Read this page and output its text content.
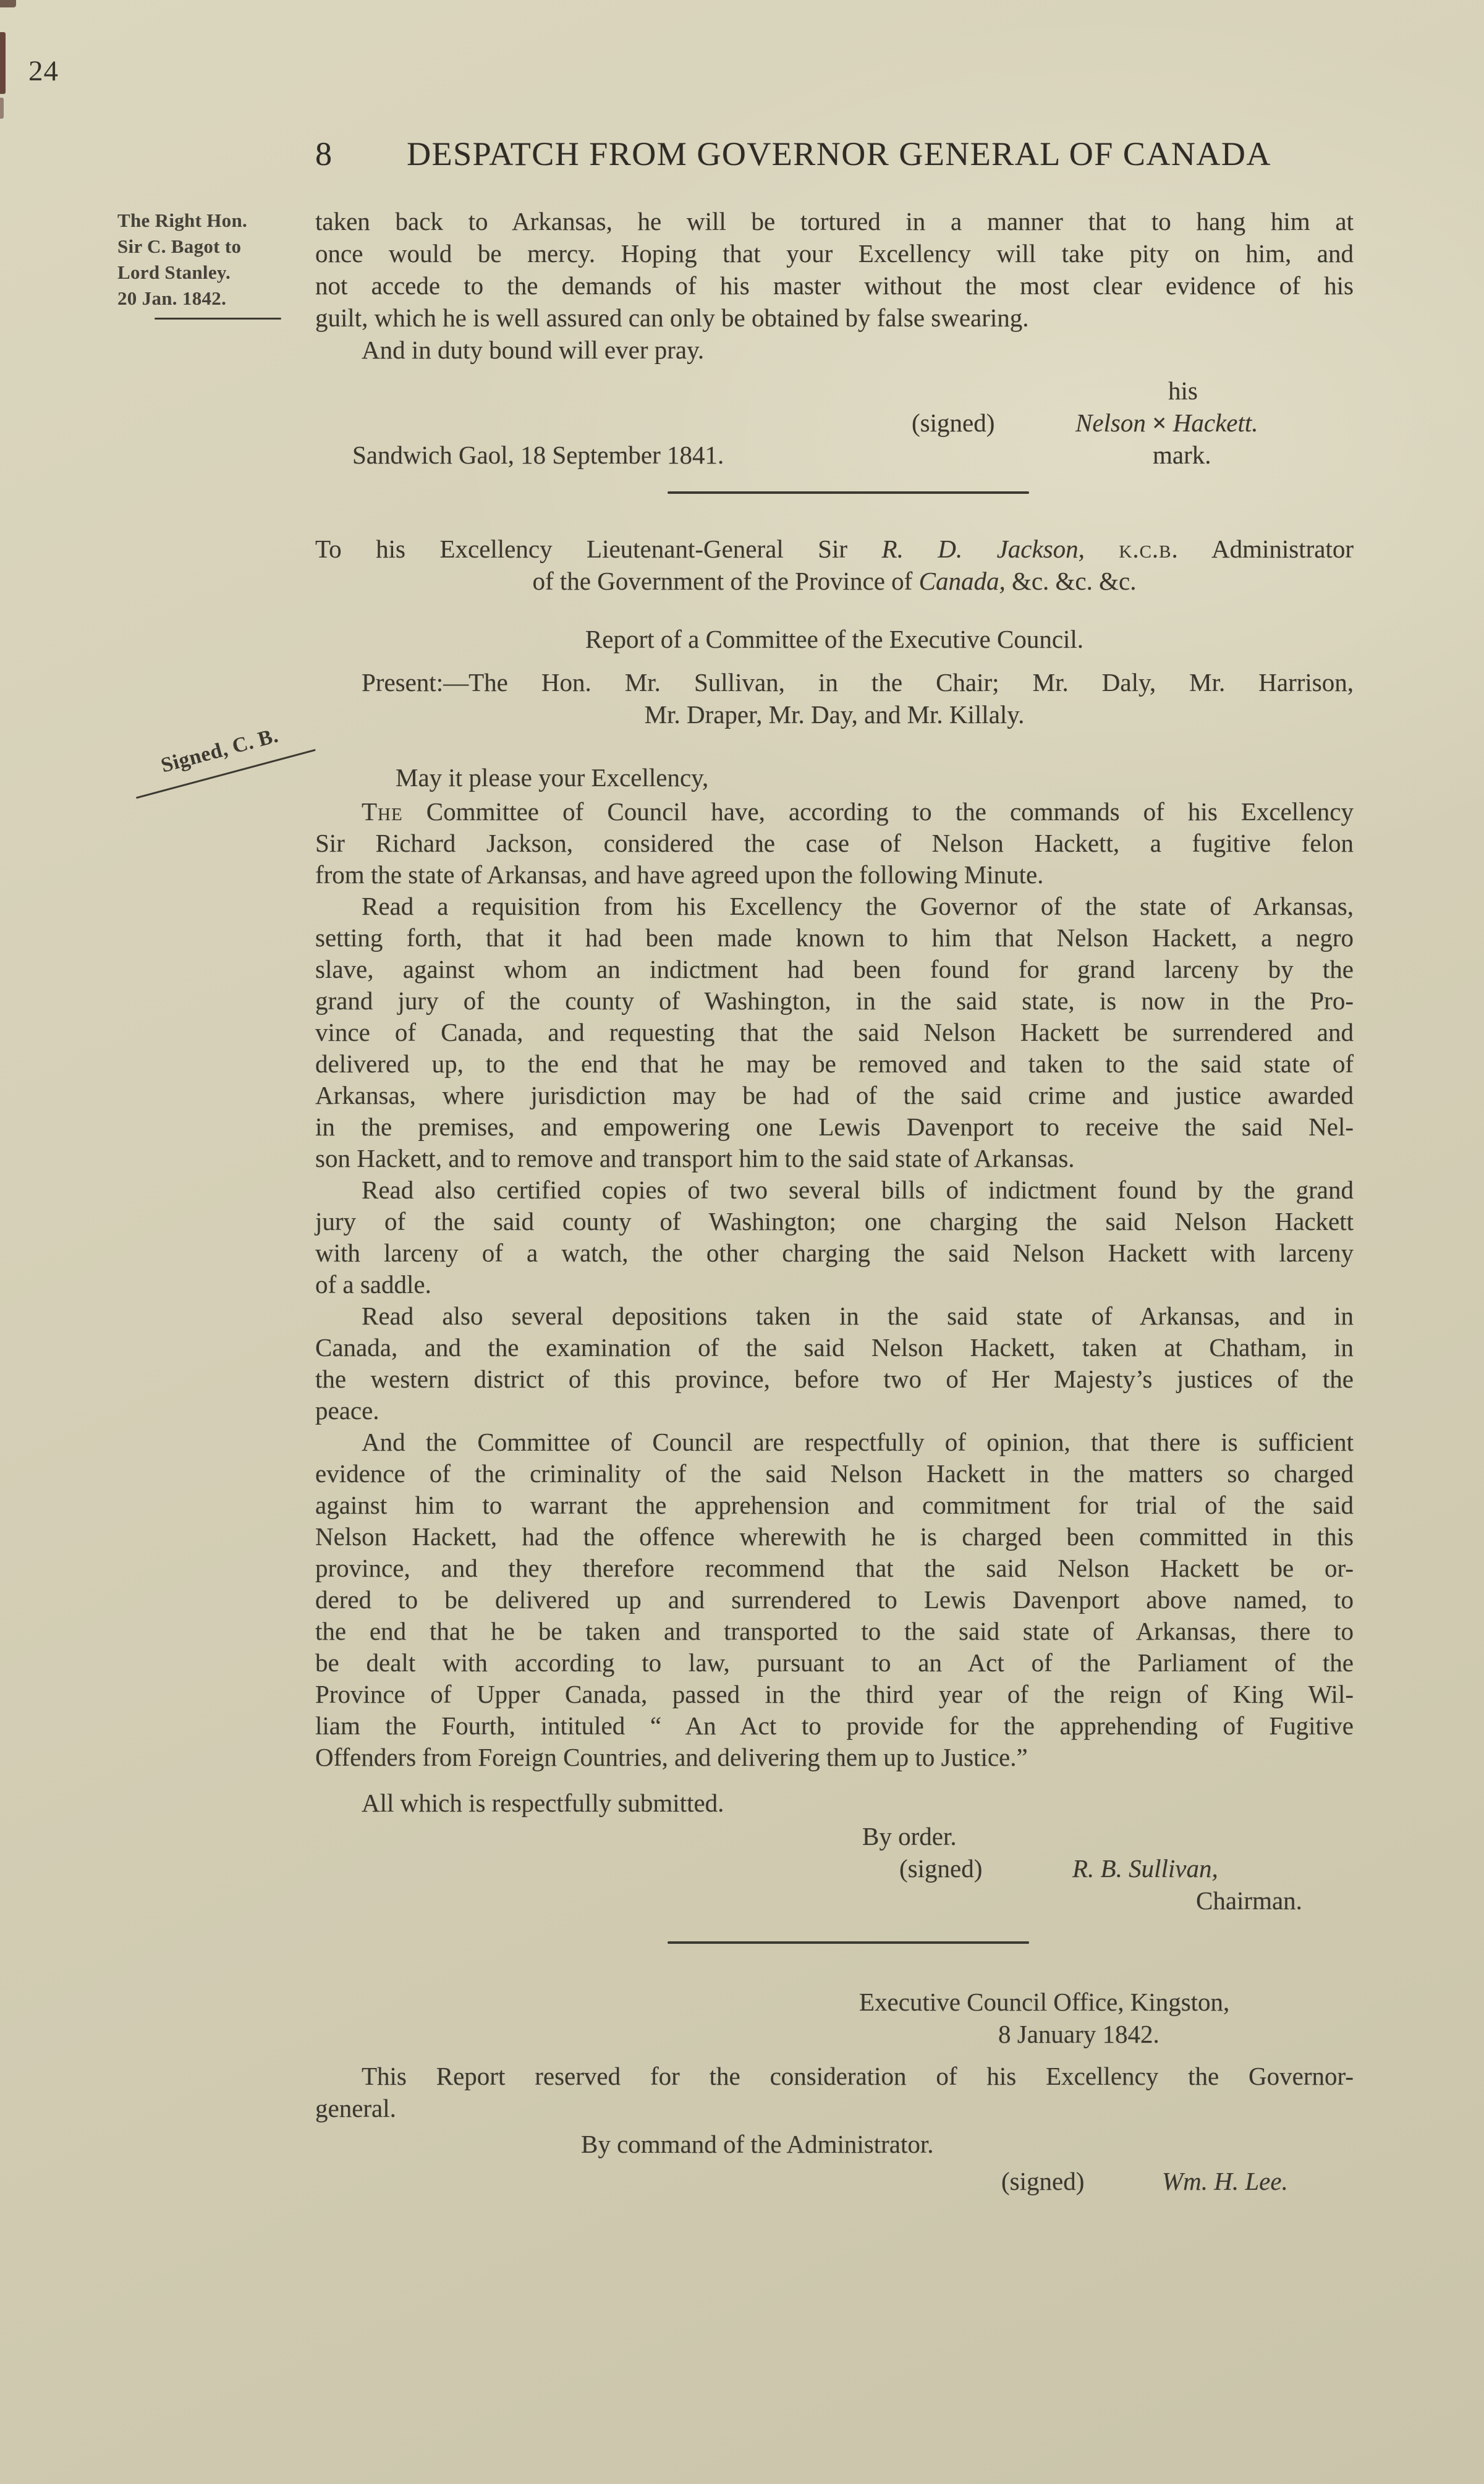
24
8	DESPATCH FROM GOVERNOR GENERAL OF CANADA
The Right Hon.
Sir C. Bagot to
Lord Stanley.
20 Jan. 1842.
Signed, C. B.
taken back to Arkansas, he will be tortured in a manner that to hang him at
once would be mercy. Hoping that your Excellency will take pity on him, and
not accede to the demands of his master without the most clear evidence of his
guilt, which he is well assured can only be obtained by false swearing.
And in duty bound will ever pray.
his
(signed)	Nelson × Hackett.
Sandwich Gaol, 18 September 1841.	mark.
To his Excellency Lieutenant-General Sir R. D. Jackson, k.c.b. Administrator
of the Government of the Province of Canada, &c. &c. &c.
Report of a Committee of the Executive Council.
Present:—The Hon. Mr. Sullivan, in the Chair; Mr. Daly, Mr. Harrison,
Mr. Draper, Mr. Day, and Mr. Killaly.
May it please your Excellency,
The Committee of Council have, according to the commands of his Excellency
Sir Richard Jackson, considered the case of Nelson Hackett, a fugitive felon
from the state of Arkansas, and have agreed upon the following Minute.
Read a requisition from his Excellency the Governor of the state of Arkansas,
setting forth, that it had been made known to him that Nelson Hackett, a negro
slave, against whom an indictment had been found for grand larceny by the
grand jury of the county of Washington, in the said state, is now in the Pro-
vince of Canada, and requesting that the said Nelson Hackett be surrendered and
delivered up, to the end that he may be removed and taken to the said state of
Arkansas, where jurisdiction may be had of the said crime and justice awarded
in the premises, and empowering one Lewis Davenport to receive the said Nel-
son Hackett, and to remove and transport him to the said state of Arkansas.
Read also certified copies of two several bills of indictment found by the grand
jury of the said county of Washington; one charging the said Nelson Hackett
with larceny of a watch, the other charging the said Nelson Hackett with larceny
of a saddle.
Read also several depositions taken in the said state of Arkansas, and in
Canada, and the examination of the said Nelson Hackett, taken at Chatham, in
the western district of this province, before two of Her Majesty’s justices of the
peace.
And the Committee of Council are respectfully of opinion, that there is sufficient
evidence of the criminality of the said Nelson Hackett in the matters so charged
against him to warrant the apprehension and commitment for trial of the said
Nelson Hackett, had the offence wherewith he is charged been committed in this
province, and they therefore recommend that the said Nelson Hackett be or-
dered to be delivered up and surrendered to Lewis Davenport above named, to
the end that he be taken and transported to the said state of Arkansas, there to
be dealt with according to law, pursuant to an Act of the Parliament of the
Province of Upper Canada, passed in the third year of the reign of King Wil-
liam the Fourth, intituled “ An Act to provide for the apprehending of Fugitive
Offenders from Foreign Countries, and delivering them up to Justice.”
All which is respectfully submitted.
By order.
(signed)	R. B. Sullivan,
Chairman.
Executive Council Office, Kingston,
8 January 1842.
This Report reserved for the consideration of his Excellency the Governor-
general.
By command of the Administrator.
(signed)	Wm. H. Lee.
